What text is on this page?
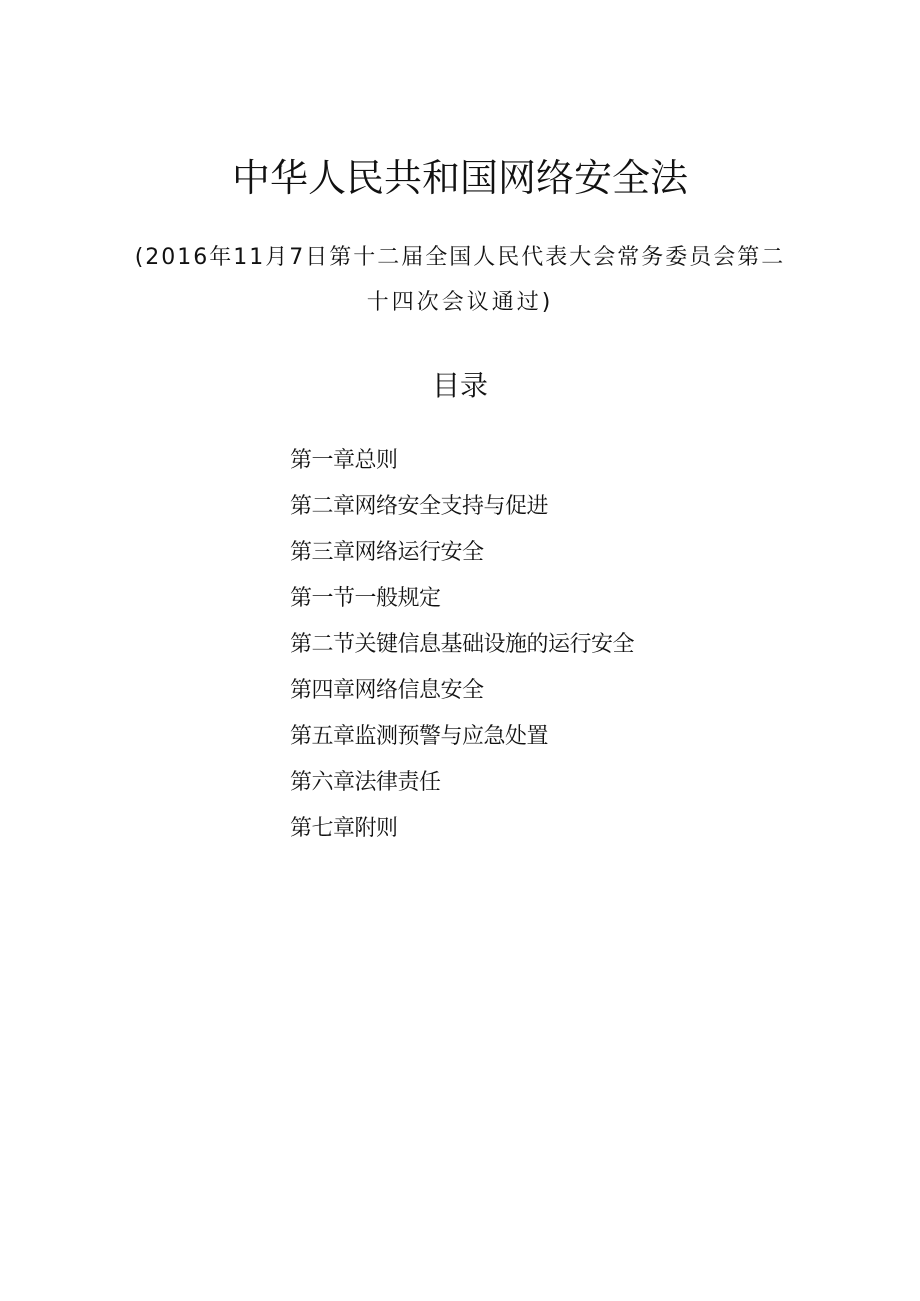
中华人民共和国网络安全法

(2016年11月7日第十二届全国人民代表大会常务委员会第二

十四次会议通过)

目录
第一章总则
第二章网络安全支持与促进
第三章网络运行安全
第一节一般规定
第二节关键信息基础设施的运行安全
第四章网络信息安全
第五章监测预警与应急处置
第六章法律责任
第七章附则
